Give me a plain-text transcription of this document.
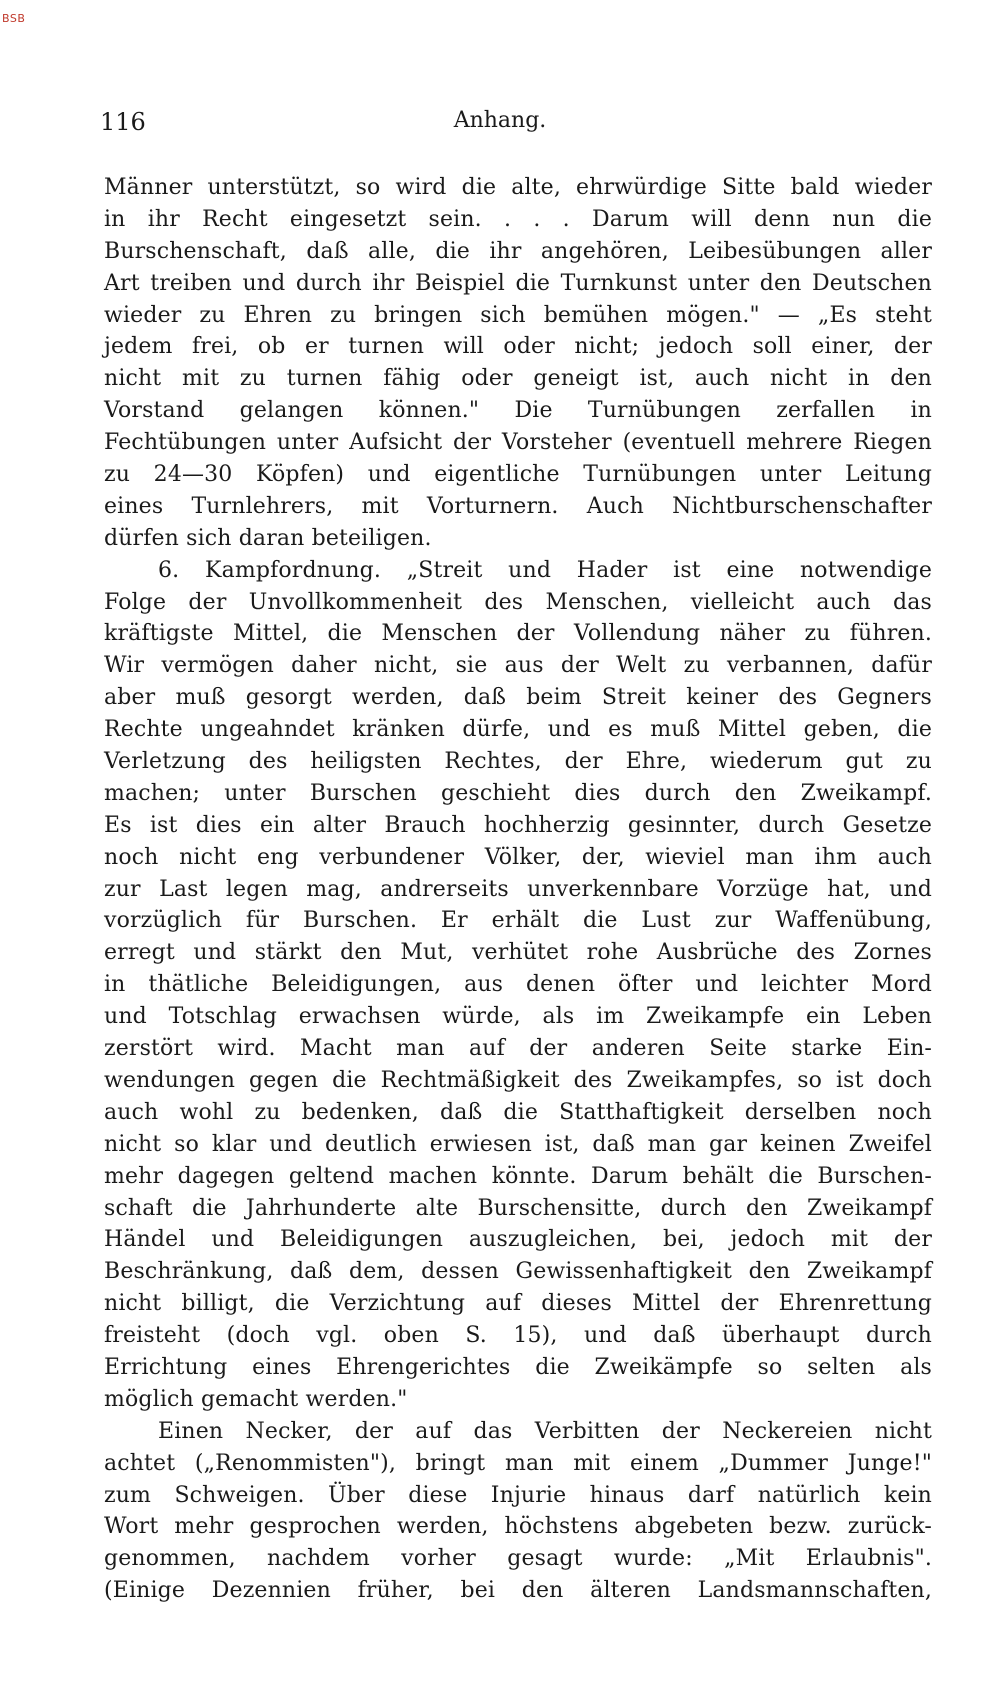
BSB
116	Anhang.
Männer unterstützt, so wird die alte, ehrwürdige Sitte bald wieder
in ihr Recht eingesetzt sein. . . . Darum will denn nun die
Burschenschaft, daß alle, die ihr angehören, Leibesübungen aller
Art treiben und durch ihr Beispiel die Turnkunst unter den Deutschen
wieder zu Ehren zu bringen sich bemühen mögen." — „Es steht
jedem frei, ob er turnen will oder nicht; jedoch soll einer, der
nicht mit zu turnen fähig oder geneigt ist, auch nicht in den
Vorstand gelangen können." Die Turnübungen zerfallen in
Fechtübungen unter Aufsicht der Vorsteher (eventuell mehrere Riegen
zu 24—30 Köpfen) und eigentliche Turnübungen unter Leitung
eines Turnlehrers, mit Vorturnern. Auch Nichtburschenschafter
dürfen sich daran beteiligen.
6. Kampfordnung. „Streit und Hader ist eine notwendige
Folge der Unvollkommenheit des Menschen, vielleicht auch das
kräftigste Mittel, die Menschen der Vollendung näher zu führen.
Wir vermögen daher nicht, sie aus der Welt zu verbannen, dafür
aber muß gesorgt werden, daß beim Streit keiner des Gegners
Rechte ungeahndet kränken dürfe, und es muß Mittel geben, die
Verletzung des heiligsten Rechtes, der Ehre, wiederum gut zu
machen; unter Burschen geschieht dies durch den Zweikampf.
Es ist dies ein alter Brauch hochherzig gesinnter, durch Gesetze
noch nicht eng verbundener Völker, der, wieviel man ihm auch
zur Last legen mag, andrerseits unverkennbare Vorzüge hat, und
vorzüglich für Burschen. Er erhält die Lust zur Waffenübung,
erregt und stärkt den Mut, verhütet rohe Ausbrüche des Zornes
in thätliche Beleidigungen, aus denen öfter und leichter Mord
und Totschlag erwachsen würde, als im Zweikampfe ein Leben
zerstört wird. Macht man auf der anderen Seite starke Ein-
wendungen gegen die Rechtmäßigkeit des Zweikampfes, so ist doch
auch wohl zu bedenken, daß die Statthaftigkeit derselben noch
nicht so klar und deutlich erwiesen ist, daß man gar keinen Zweifel
mehr dagegen geltend machen könnte. Darum behält die Burschen-
schaft die Jahrhunderte alte Burschensitte, durch den Zweikampf
Händel und Beleidigungen auszugleichen, bei, jedoch mit der
Beschränkung, daß dem, dessen Gewissenhaftigkeit den Zweikampf
nicht billigt, die Verzichtung auf dieses Mittel der Ehrenrettung
freisteht (doch vgl. oben S. 15), und daß überhaupt durch
Errichtung eines Ehrengerichtes die Zweikämpfe so selten als
möglich gemacht werden."
Einen Necker, der auf das Verbitten der Neckereien nicht
achtet („Renommisten"), bringt man mit einem „Dummer Junge!"
zum Schweigen. Über diese Injurie hinaus darf natürlich kein
Wort mehr gesprochen werden, höchstens abgebeten bezw. zurück-
genommen, nachdem vorher gesagt wurde: „Mit Erlaubnis".
(Einige Dezennien früher, bei den älteren Landsmannschaften,
